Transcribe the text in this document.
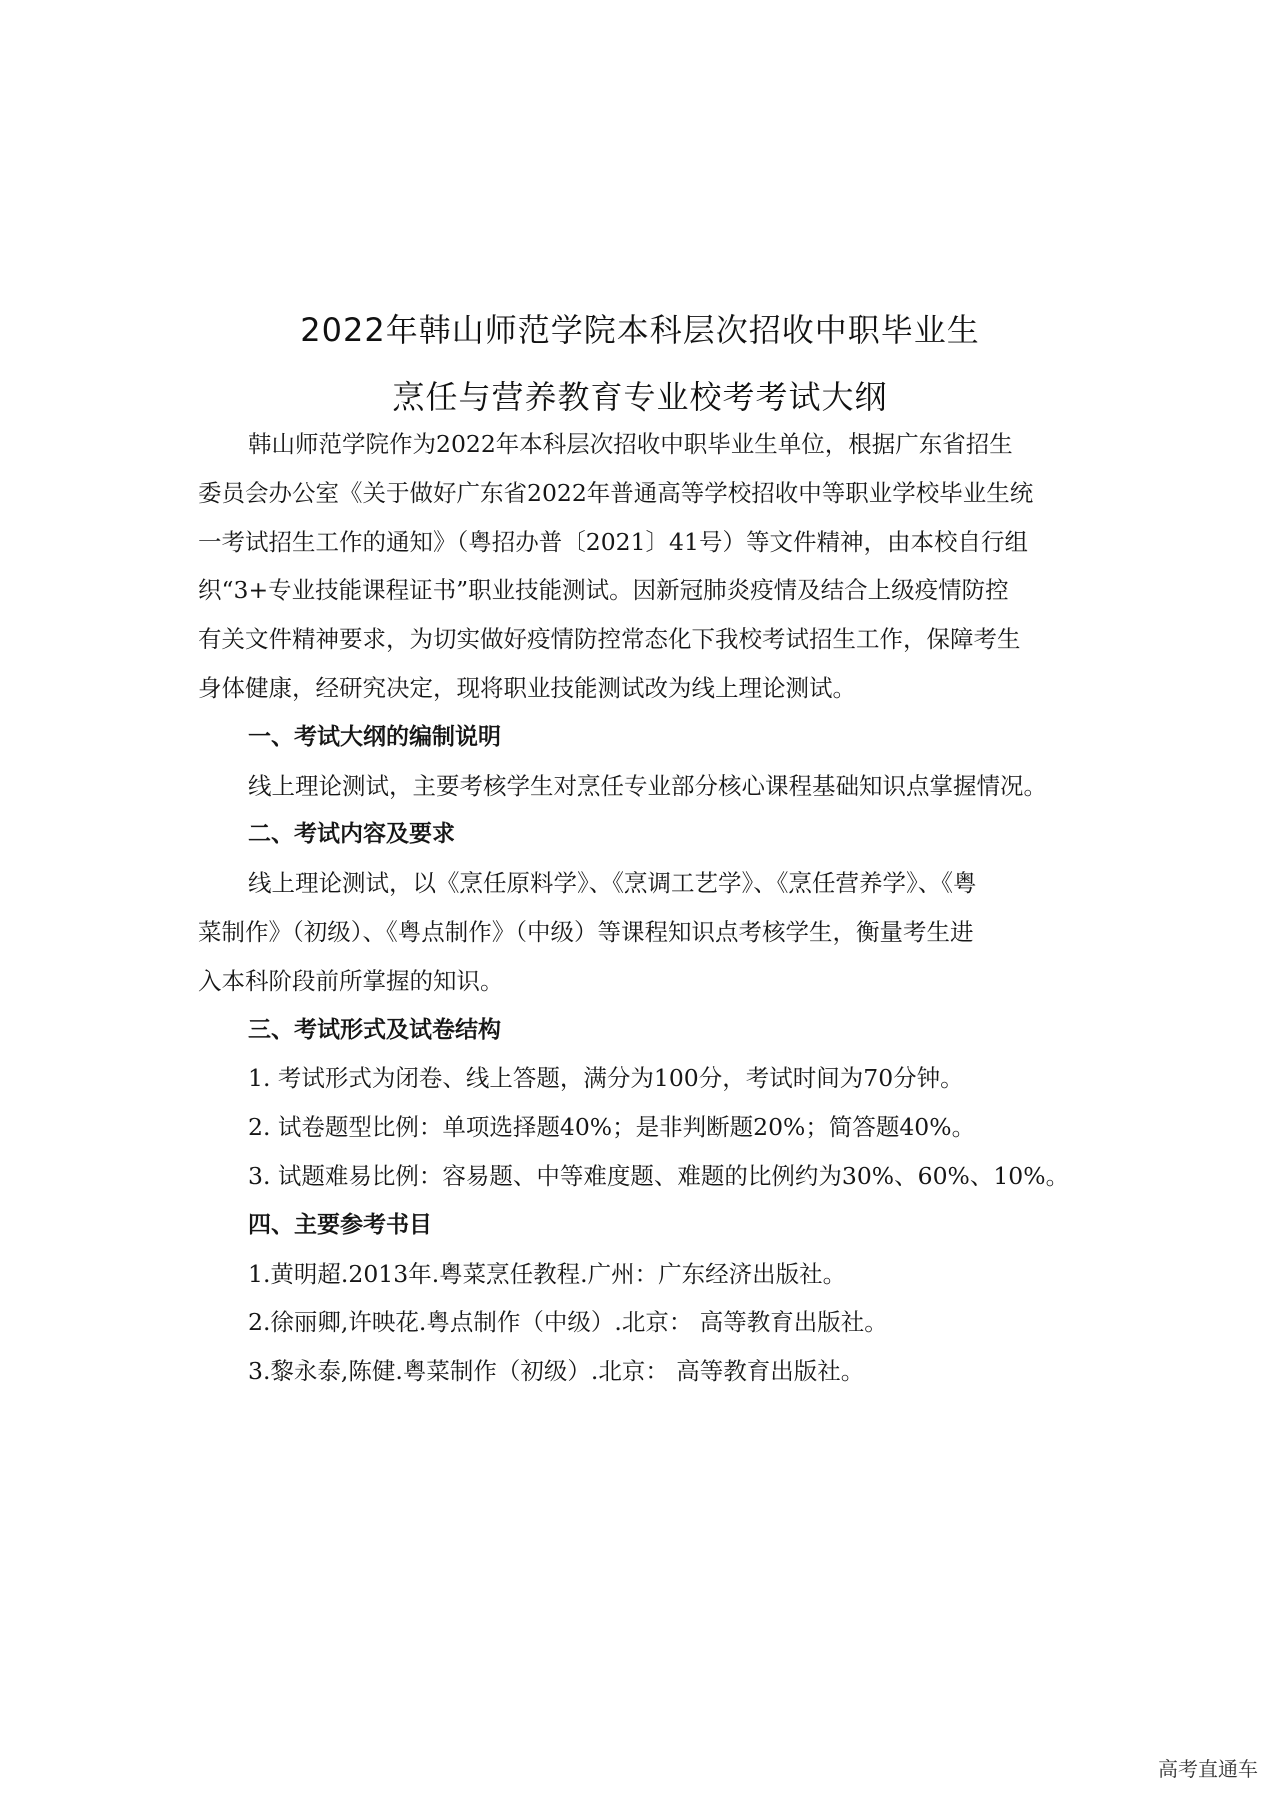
2022年韩山师范学院本科层次招收中职毕业生
烹任与营养教育专业校考考试大纲
韩山师范学院作为2022年本科层次招收中职毕业生单位，根据广东省招生
委员会办公室《关于做好广东省2022年普通高等学校招收中等职业学校毕业生统
一考试招生工作的通知》（粤招办普〔2021〕41号）等文件精神，由本校自行组
织“3+专业技能课程证书”职业技能测试。因新冠肺炎疫情及结合上级疫情防控
有关文件精神要求，为切实做好疫情防控常态化下我校考试招生工作，保障考生
身体健康，经研究决定，现将职业技能测试改为线上理论测试。
一、考试大纲的编制说明
线上理论测试，主要考核学生对烹任专业部分核心课程基础知识点掌握情况。
二、考试内容及要求
线上理论测试，以《烹任原料学》、《烹调工艺学》、《烹任营养学》、《粤
菜制作》（初级）、《粤点制作》（中级）等课程知识点考核学生，衡量考生进
入本科阶段前所掌握的知识。
三、考试形式及试卷结构
1. 考试形式为闭卷、线上答题，满分为100分，考试时间为70分钟。
2. 试卷题型比例：单项选择题40%；是非判断题20%；简答题40%。
3. 试题难易比例：容易题、中等难度题、难题的比例约为30%、60%、10%。
四、主要参考书目
1.黄明超.2013年.粤菜烹任教程.广州：广东经济出版社。
2.徐丽卿,许映花.粤点制作（中级）.北京： 高等教育出版社。
3.黎永泰,陈健.粤菜制作（初级）.北京： 高等教育出版社。
高考直通车
